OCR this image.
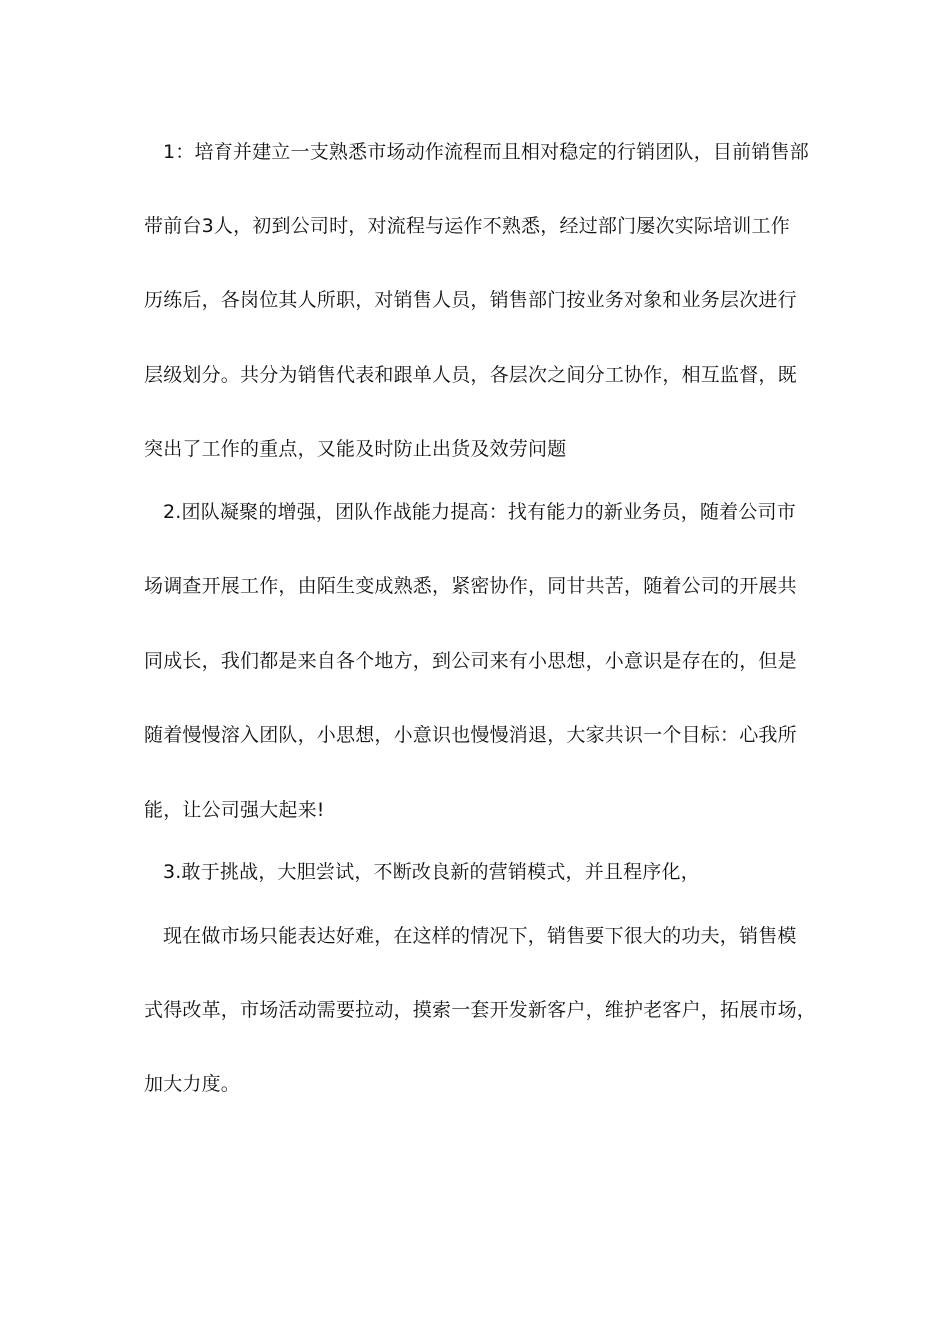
1：培育并建立一支熟悉市场动作流程而且相对稳定的行销团队，目前销售部
带前台3人，初到公司时，对流程与运作不熟悉，经过部门屡次实际培训工作
历练后，各岗位其人所职，对销售人员，销售部门按业务对象和业务层次进行
层级划分。共分为销售代表和跟单人员，各层次之间分工协作，相互监督，既
突出了工作的重点，又能及时防止出货及效劳问题
2.团队凝聚的增强，团队作战能力提高：找有能力的新业务员，随着公司市
场调查开展工作，由陌生变成熟悉，紧密协作，同甘共苦，随着公司的开展共
同成长，我们都是来自各个地方，到公司来有小思想，小意识是存在的，但是
随着慢慢溶入团队，小思想，小意识也慢慢消退，大家共识一个目标：心我所
能，让公司强大起来!
3.敢于挑战，大胆尝试，不断改良新的营销模式，并且程序化，
现在做市场只能表达好难，在这样的情况下，销售要下很大的功夫，销售模
式得改革，市场活动需要拉动，摸索一套开发新客户，维护老客户，拓展市场，
加大力度。
